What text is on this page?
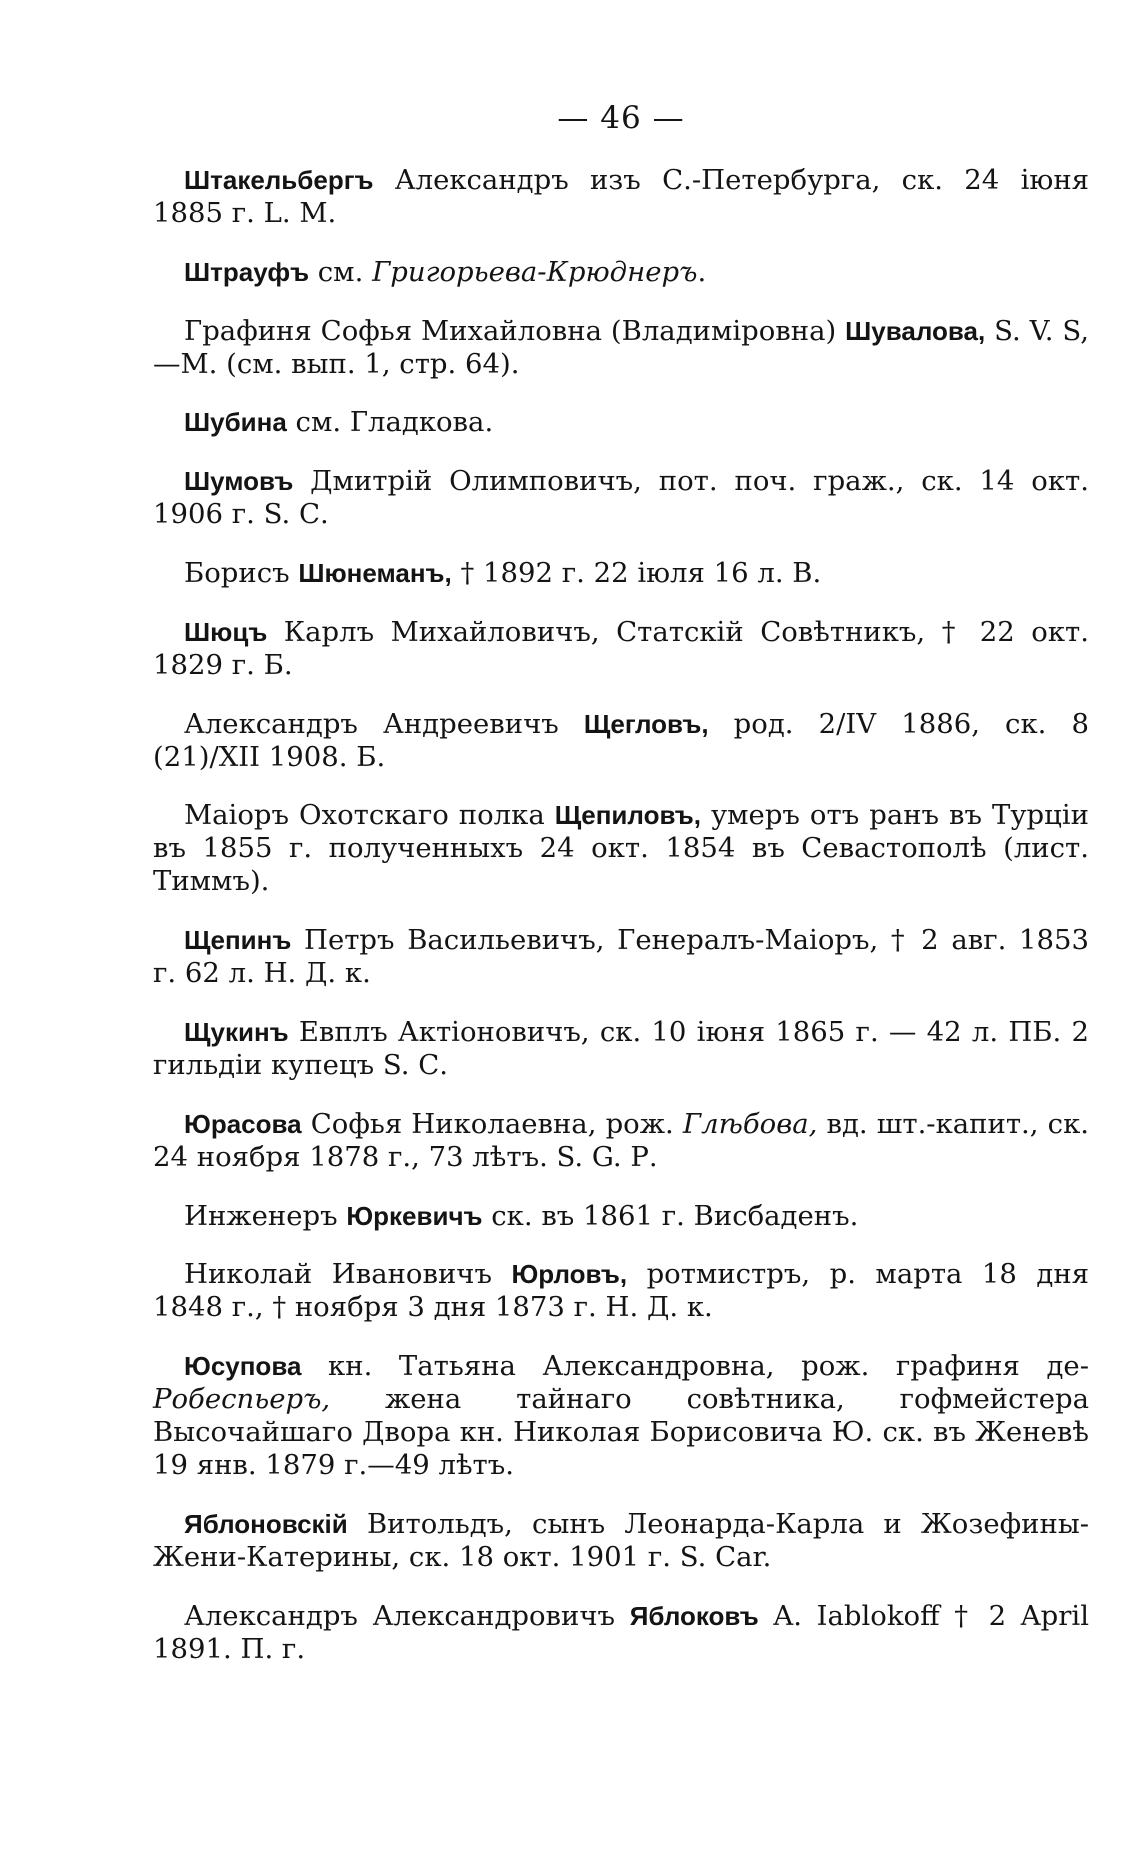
— 46 —

Штакельбергъ Александръ изъ С.-Петербурга, ск. 24 іюня 1885 г. L. М.

Штрауфъ см. Григорьева-Крюднеръ.

Графиня Софья Михайловна (Владиміровна) Шувалова, S. V. S,—М. (см. вып. 1, стр. 64).

Шубина см. Гладкова.

Шумовъ Дмитрій Олимповичъ, пот. поч. граж., ск. 14 окт. 1906 г. S. С.

Борисъ Шюнеманъ, † 1892 г. 22 іюля 16 л. В.

Шюцъ Карлъ Михайловичъ, Статскій Совѣтникъ, † 22 окт. 1829 г. Б.

Александръ Андреевичъ Щегловъ, род. 2/IV 1886, ск. 8 (21)/XII 1908. Б.

Маіоръ Охотскаго полка Щепиловъ, умеръ отъ ранъ въ Турціи въ 1855 г. полученныхъ 24 окт. 1854 въ Севастополѣ (лист. Тиммъ).

Щепинъ Петръ Васильевичъ, Генералъ-Маіоръ, † 2 авг. 1853 г. 62 л. Н. Д. к.

Щукинъ Евплъ Актіоновичъ, ск. 10 іюня 1865 г. — 42 л. ПБ. 2 гильдіи купецъ S. С.

Юрасова Софья Николаевна, рож. Глѣбова, вд. шт.-капит., ск. 24 ноября 1878 г., 73 лѣтъ. S. G. Р.

Инженеръ Юркевичъ ск. въ 1861 г. Висбаденъ.

Николай Ивановичъ Юрловъ, ротмистръ, р. марта 18 дня 1848 г., † ноября 3 дня 1873 г. Н. Д. к.

Юсупова кн. Татьяна Александровна, рож. графиня де-Робеспьеръ, жена тайнаго совѣтника, гофмейстера Высочайшаго Двора кн. Николая Борисовича Ю. ск. въ Женевѣ 19 янв. 1879 г.—49 лѣтъ.

Яблоновскій Витольдъ, сынъ Леонарда-Карла и Жозефины-Жени-Катерины, ск. 18 окт. 1901 г. S. Car.

Александръ Александровичъ Яблоковъ A. Iablokoff † 2 April 1891. П. г.
